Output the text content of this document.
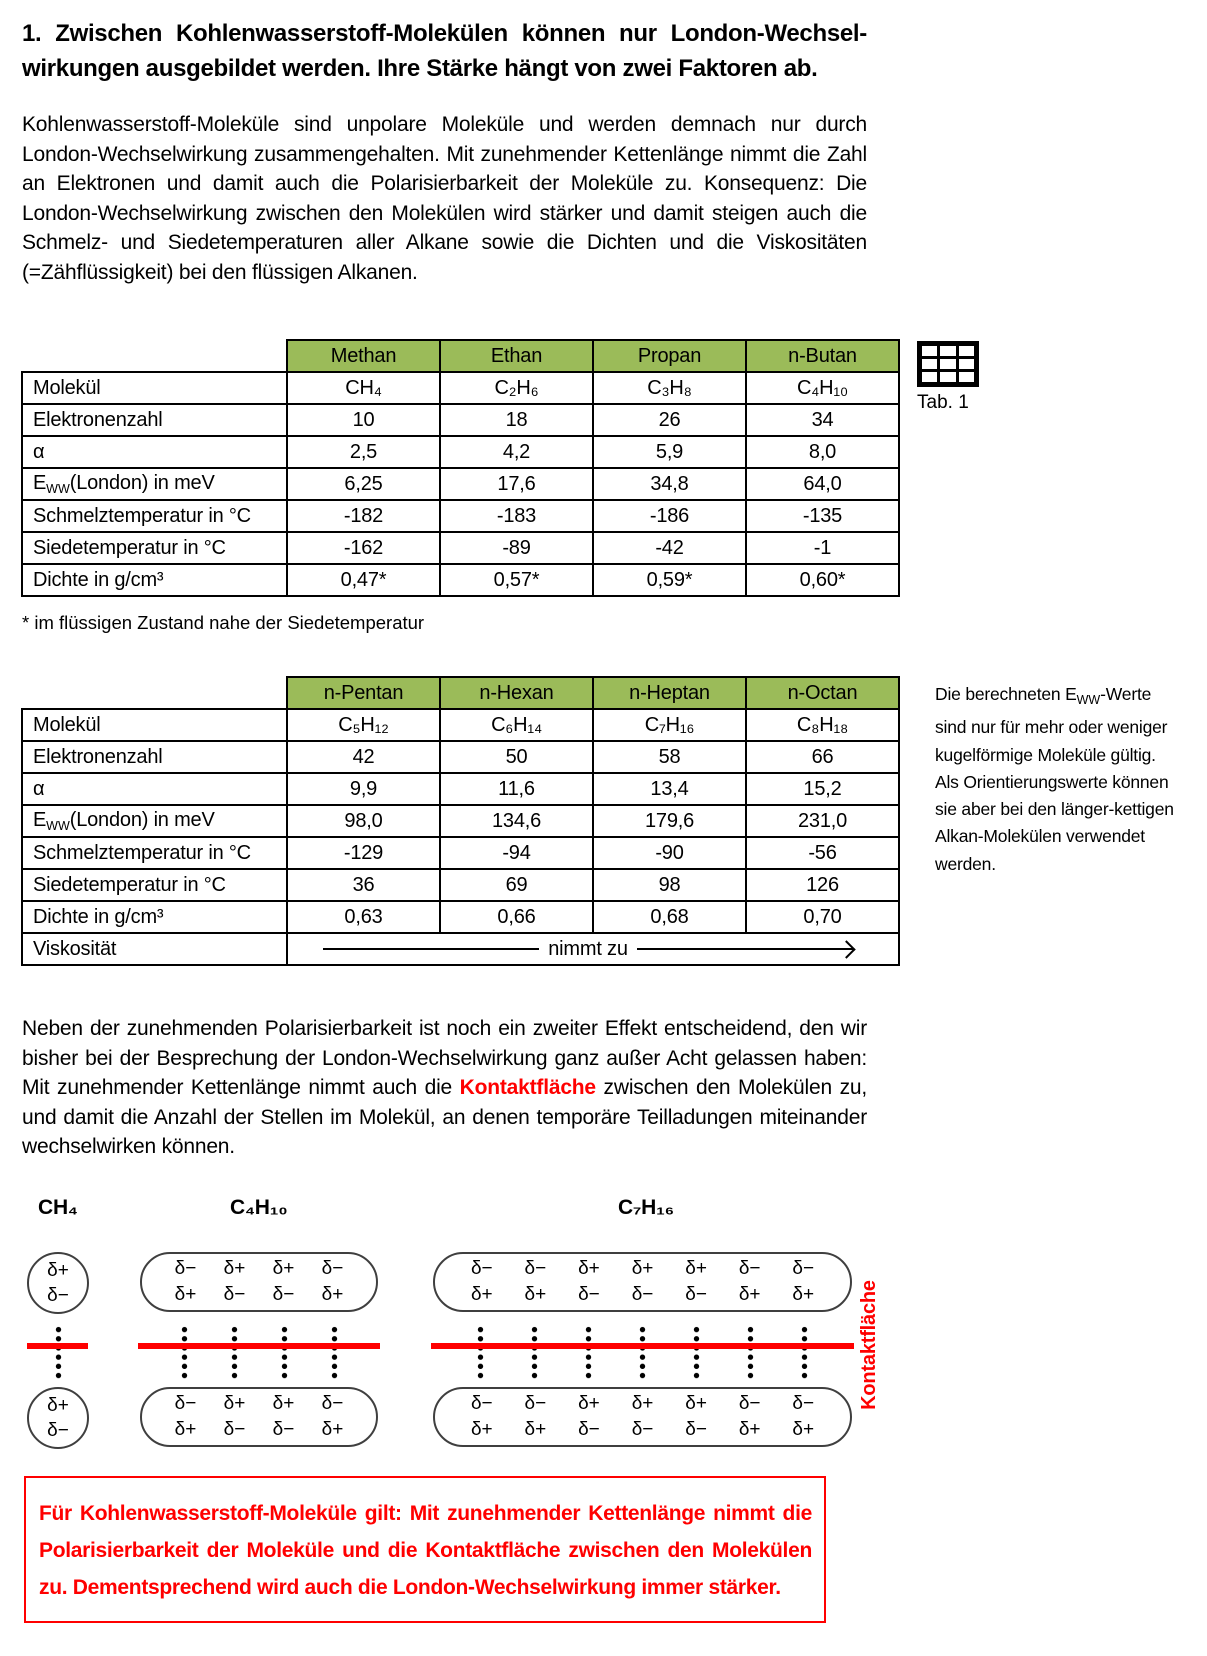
1. Zwischen Kohlenwasserstoff-Molekülen können nur London-Wechsel-
wirkungen ausgebildet werden. Ihre Stärke hängt von zwei Faktoren ab.
Kohlenwasserstoff-Moleküle sind unpolare Moleküle und werden demnach nur durch London-Wechselwirkung zusammengehalten. Mit zunehmender Kettenlänge nimmt die Zahl an Elektronen und damit auch die Polarisierbarkeit der Moleküle zu. Konsequenz: Die London-Wechselwirkung zwischen den Molekülen wird stärker und damit steigen auch die Schmelz- und Siedetemperaturen aller Alkane sowie die Dichten und die Viskositäten (=Zähflüssigkeit) bei den flüssigen Alkanen.
	Methan	Ethan	Propan	n-Butan
Molekül	CH₄	C₂H₆	C₃H₈	C₄H₁₀
Elektronenzahl	10	18	26	34
α	2,5	4,2	5,9	8,0
$E_{WW}(London)$ in meV	6,25	17,6	34,8	64,0
Schmelztemperatur in °C	-182	-183	-186	-135
Siedetemperatur in °C	-162	-89	-42	-1
Dichte in g/cm³	0,47*	0,57*	0,59*	0,60*
Tab. 1
* im flüssigen Zustand nahe der Siedetemperatur
	n-Pentan	n-Hexan	n-Heptan	n-Octan
Molekül	C₅H₁₂	C₆H₁₄	C₇H₁₆	C₈H₁₈
Elektronenzahl	42	50	58	66
α	9,9	11,6	13,4	15,2
$E_{WW}(London)$ in meV	98,0	134,6	179,6	231,0
Schmelztemperatur in °C	-129	-94	-90	-56
Siedetemperatur in °C	36	69	98	126
Dichte in g/cm³	0,63	0,66	0,68	0,70
Viskosität	nimmt zu			
Die berechneten $E_{WW}$-Werte sind nur für mehr oder weniger kugelförmige Moleküle gültig. Als Orientierungswerte können sie aber bei den länger-kettigen Alkan-Molekülen verwendet werden.
Neben der zunehmenden Polarisierbarkeit ist noch ein zweiter Effekt entscheidend, den wir bisher bei der Besprechung der London-Wechselwirkung ganz außer Acht gelassen haben: Mit zunehmender Kettenlänge nimmt auch die Kontaktfläche zwischen den Molekülen zu, und damit die Anzahl der Stellen im Molekül, an denen temporäre Teilladungen miteinander wechselwirken können.
CH₄	C₄H₁₀	C₇H₁₆
δ+
δ−
δ−	δ+	δ+	δ−
δ+	δ−	δ−	δ+
δ−	δ−	δ+	δ+	δ+	δ−	δ−
δ+	δ+	δ−	δ−	δ−	δ+	δ+
δ+
δ−
δ−	δ+	δ+	δ−
δ+	δ−	δ−	δ+
δ−	δ−	δ+	δ+	δ+	δ−	δ−
δ+	δ+	δ−	δ−	δ−	δ+	δ+
Kontaktfläche
Für Kohlenwasserstoff-Moleküle gilt: Mit zunehmender Kettenlänge nimmt die Polarisierbarkeit der Moleküle und die Kontaktfläche zwischen den Molekülen zu. Dementsprechend wird auch die London-Wechselwirkung immer stärker.
